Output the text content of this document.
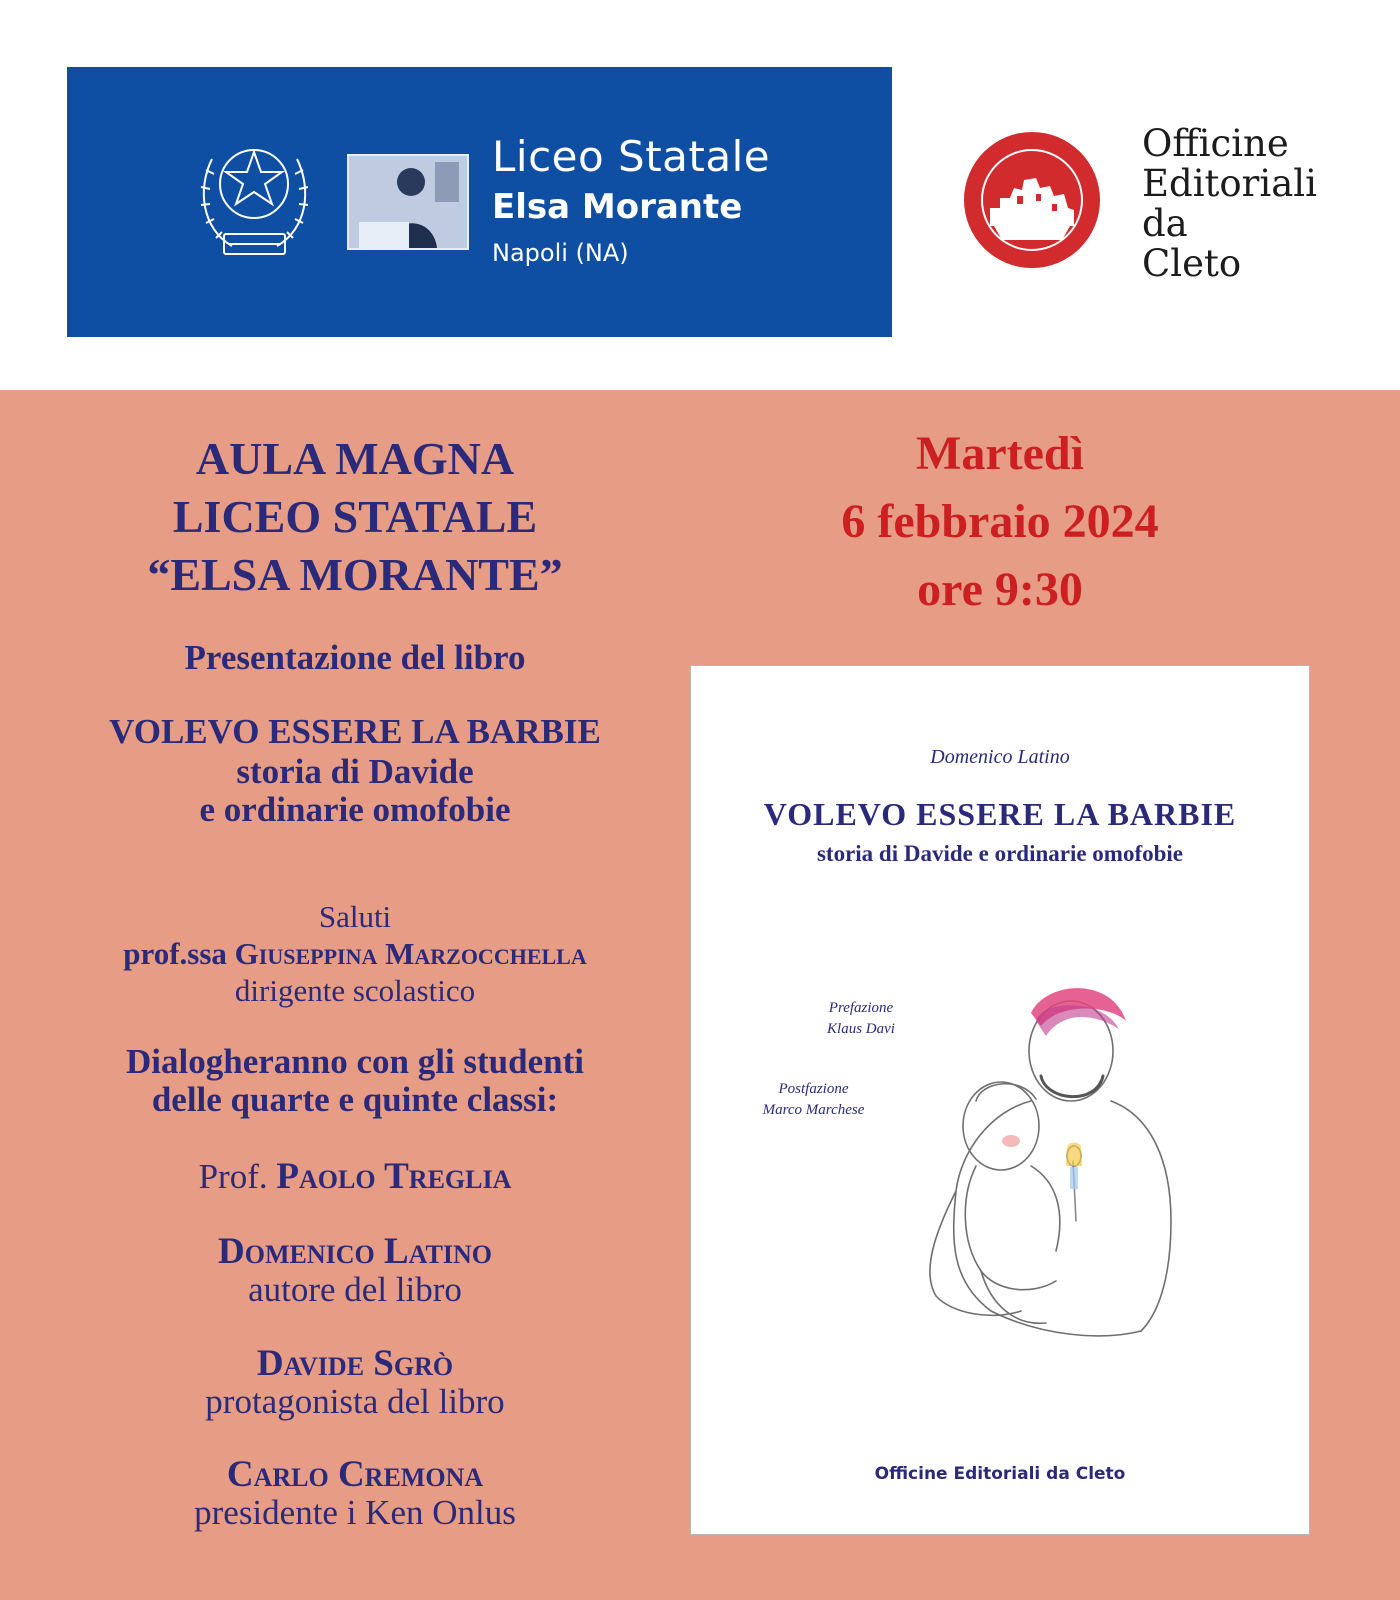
Liceo Statale
Elsa Morante
Napoli (NA)
Officine
Editoriali
da
Cleto
AULA MAGNA
LICEO STATALE
“ELSA MORANTE”
Presentazione del libro
VOLEVO ESSERE LA BARBIE
storia di Davide
e ordinarie omofobie
Saluti
prof.ssa Giuseppina Marzocchella
dirigente scolastico
Dialogheranno con gli studenti
delle quarte e quinte classi:
Prof. Paolo Treglia
Domenico Latino
autore del libro
Davide Sgrò
protagonista del libro
Carlo Cremona
presidente i Ken Onlus
Martedì
6 febbraio 2024
ore 9:30
Domenico Latino
VOLEVO ESSERE LA BARBIE
storia di Davide e ordinarie omofobie
Prefazione
Klaus Davi
Postfazione
Marco Marchese
Officine Editoriali da Cleto
